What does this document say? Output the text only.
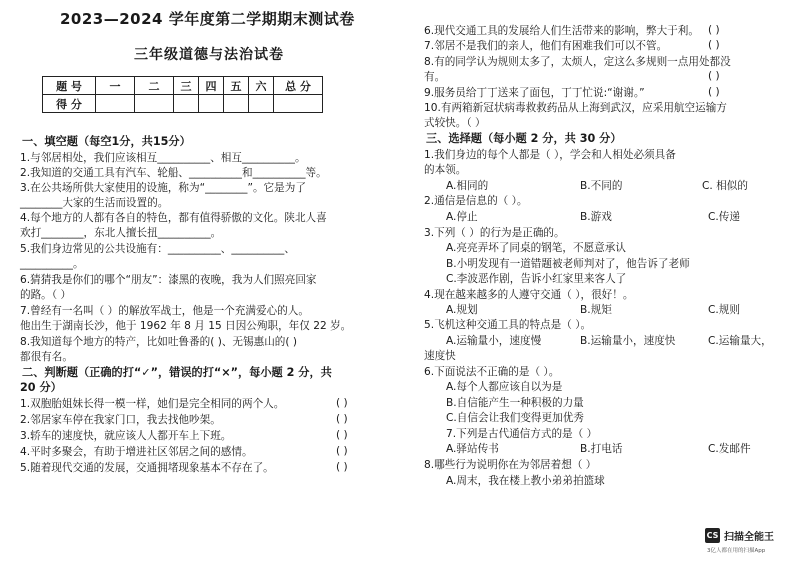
2023—2024 学年度第二学期期末测试卷
三年级道德与法治试卷
题 号	一	二	三	四	五	六	总 分
得 分							
一、填空题（每空1分，共15分）
1.与邻居相处，我们应该相互__________、相互__________。
2.我知道的交通工具有汽车、轮船、__________和__________等。
3.在公共场所供大家使用的设施，称为“________”。它是为了
________大家的生活而设置的。
4.每个地方的人都有各自的特色，都有值得骄傲的文化。陕北人喜
欢打________，东北人擅长扭__________。
5.我们身边常见的公共设施有：__________、__________、
__________。
6.猜猜我是你们的哪个“朋友”：漆黑的夜晚，我为人们照亮回家
的路。（ ）
7.曾经有一名叫（ ）的解放军战士，他是一个充满爱心的人。
他出生于湖南长沙，他于 1962 年 8 月 15 日因公殉职，年仅 22 岁。
8.我知道每个地方的特产，比如吐鲁番的( )、无锡惠山的( )
都很有名。
二、判断题（正确的打“✓”，错误的打“×”，每小题 2 分，共
20 分）
1.双胞胎姐妹长得一模一样，她们是完全相同的两个人。	( )
2.邻居家车停在我家门口，我去找他吵架。	( )
3.轿车的速度快，就应该人人都开车上下班。	( )
4.平时多聚会，有助于增进社区邻居之间的感情。	( )
5.随着现代交通的发展，交通拥堵现象基本不存在了。	( )
6.现代交通工具的发展给人们生活带来的影响，弊大于利。 ( )
7.邻居不是我们的亲人，他们有困难我们可以不管。	( )
8.有的同学认为规则太多了，太烦人，定这么多规则一点用处都没
有。	( )
9.服务员给丁丁送来了面包，丁丁忙说:“谢谢。”	( )
10.有两箱新冠状病毒救救药品从上海到武汉，应采用航空运输方
式较快。（ ）
三、选择题（每小题 2 分，共 30 分）
1.我们身边的每个人都是（ ），学会和人相处必须具备
的本领。
A.相同的	B.不同的	C. 相似的
2.通信是信息的（ ）。
A.停止	B.游戏	C.传递
3.下列（ ）的行为是正确的。
A.亮亮弄坏了同桌的钢笔，不愿意承认
B.小明发现有一道错题被老师判对了，他告诉了老师
C.李波恶作剧，告诉小红家里来客人了
4.现在越来越多的人遵守交通（ ），很好！。
A.规划	B.规矩	C.规则
5.飞机这种交通工具的特点是（ ）。
A.运输量小，速度慢	B.运输量小，速度快	C.运输量大，
速度快
6.下面说法不正确的是（ ）。
A.每个人都应该自以为是
B.自信能产生一种积极的力量
C.自信会让我们变得更加优秀
7.下列是古代通信方式的是（ ）
A.驿站传书	B.打电话	C.发邮件
8.哪些行为说明你在为邻居着想（ ）
A.周末，我在楼上教小弟弟拍篮球
CS 扫描全能王
3亿人都在用的扫描App
